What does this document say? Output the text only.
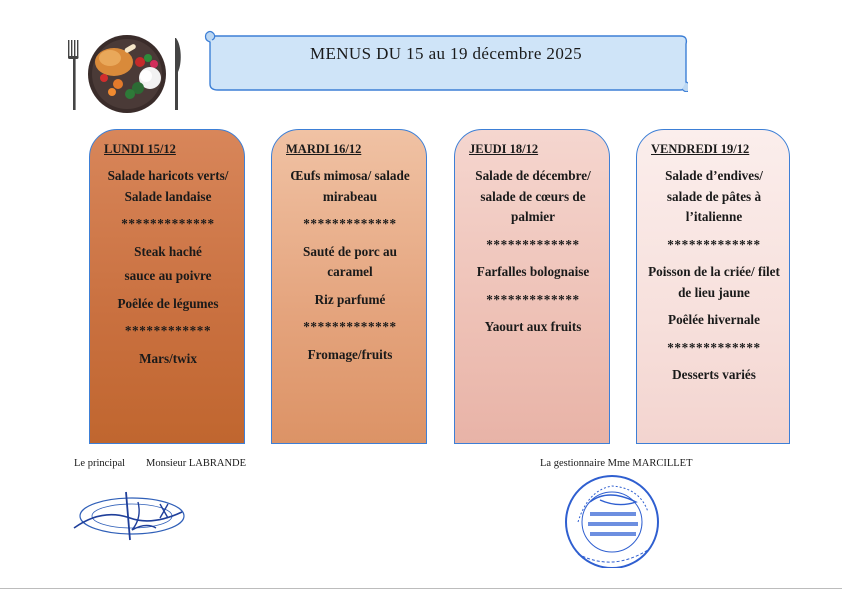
MENUS DU 15 au 19 décembre 2025
LUNDI 15/12
Salade haricots verts/ Salade landaise
*************
Steak haché
sauce au poivre
Poêlée de légumes
************
Mars/twix
MARDI 16/12
Œufs mimosa/ salade mirabeau
*************
Sauté de porc au caramel
Riz parfumé
*************
Fromage/fruits
JEUDI 18/12
Salade de décembre/ salade de cœurs de palmier
*************
Farfalles bolognaise
*************
Yaourt aux fruits
VENDREDI 19/12
Salade d’endives/ salade de pâtes à l’italienne
*************
Poisson de la criée/ filet de lieu jaune
Poêlée hivernale
*************
Desserts variés
Le principal Monsieur LABRANDE	La gestionnaire Mme MARCILLET
